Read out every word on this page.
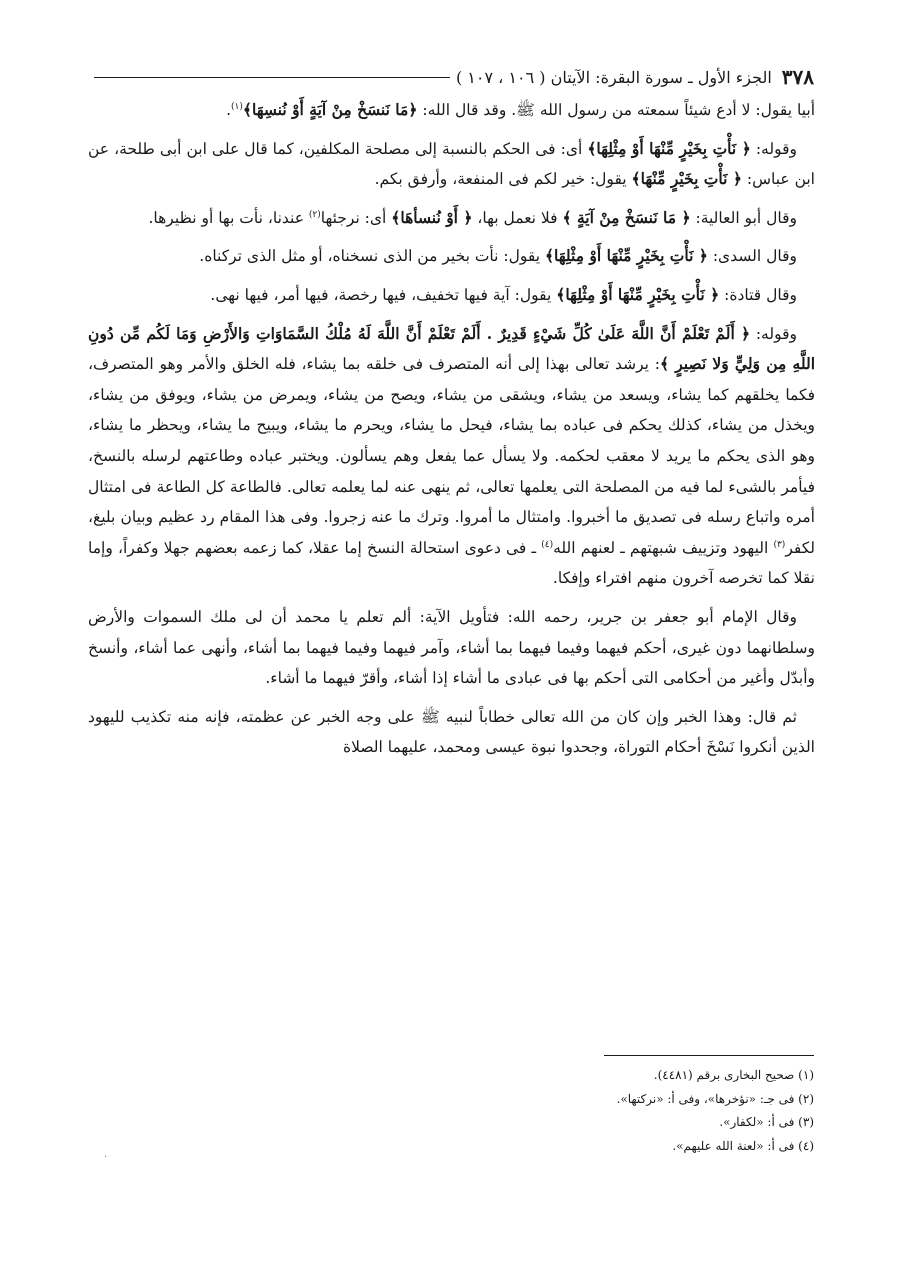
٣٧٨
الجزء الأول ـ سورة البقرة: الآيتان ( ١٠٦ ، ١٠٧ )

أبيا يقول: لا أدع شيئاً سمعته من رسول الله ﷺ. وقد قال الله: ﴿مَا نَنسَخْ مِنْ آيَةٍ أَوْ نُنسِهَا﴾$^{(١)}$.

وقوله: ﴿ نَأْتِ بِخَيْرٍ مِّنْهَا أَوْ مِثْلِهَا﴾ أى: فى الحكم بالنسبة إلى مصلحة المكلفين، كما قال على ابن أبى طلحة، عن ابن عباس: ﴿ نَأْتِ بِخَيْرٍ مِّنْهَا﴾ يقول: خير لكم فى المنفعة، وأرفق بكم.

وقال أبو العالية: ﴿ مَا نَنسَخْ مِنْ آيَةٍ ﴾ فلا نعمل بها، ﴿ أَوْ نُنسأهَا﴾ أى: نرجئها$^{(٢)}$ عندنا، نأت بها أو نظيرها.

وقال السدى: ﴿ نَأْتِ بِخَيْرٍ مِّنْهَا أَوْ مِثْلِهَا﴾ يقول: نأت بخير من الذى نسخناه، أو مثل الذى تركناه.

وقال قتادة: ﴿ نَأْتِ بِخَيْرٍ مِّنْهَا أَوْ مِثْلِهَا﴾ يقول: آية فيها تخفيف، فيها رخصة، فيها أمر، فيها نهى.

وقوله: ﴿ أَلَمْ تَعْلَمْ أَنَّ اللَّهَ عَلَىٰ كُلِّ شَيْءٍ قَدِيرٌ . أَلَمْ تَعْلَمْ أَنَّ اللَّهَ لَهُ مُلْكُ السَّمَاوَاتِ وَالأَرْضِ وَمَا لَكُم مِّن دُونِ اللَّهِ مِن وَلِيٍّ وَلا نَصِيرٍ ﴾: يرشد تعالى بهذا إلى أنه المتصرف فى خلقه بما يشاء، فله الخلق والأمر وهو المتصرف، فكما يخلقهم كما يشاء، ويسعد من يشاء، ويشقى من يشاء، ويصح من يشاء، ويمرض من يشاء، ويوفق من يشاء، ويخذل من يشاء، كذلك يحكم فى عباده بما يشاء، فيحل ما يشاء، ويحرم ما يشاء، ويبيح ما يشاء، ويحظر ما يشاء، وهو الذى يحكم ما يريد لا معقب لحكمه. ولا يسأل عما يفعل وهم يسألون. ويختبر عباده وطاعتهم لرسله بالنسخ، فيأمر بالشىء لما فيه من المصلحة التى يعلمها تعالى، ثم ينهى عنه لما يعلمه تعالى. فالطاعة كل الطاعة فى امتثال أمره واتباع رسله فى تصديق ما أخبروا. وامتثال ما أمروا. وترك ما عنه زجروا. وفى هذا المقام رد عظيم وبيان بليغ، لكفر$^{(٣)}$ اليهود وتزييف شبهتهم ـ لعنهم الله$^{(٤)}$ ـ فى دعوى استحالة النسخ إما عقلا، كما زعمه بعضهم جهلا وكفراً، وإما نقلا كما تخرصه آخرون منهم افتراء وإفكا.

وقال الإمام أبو جعفر بن جرير، رحمه الله: فتأويل الآية: ألم تعلم يا محمد أن لى ملك السموات والأرض وسلطانهما دون غيرى، أحكم فيهما وفيما فيهما بما أشاء، وآمر فيهما وفيما فيهما بما أشاء، وأنهى عما أشاء، وأنسخ وأبدّل وأغير من أحكامى التى أحكم بها فى عبادى ما أشاء إذا أشاء، وأقرّ فيهما ما أشاء.

ثم قال: وهذا الخبر وإن كان من الله تعالى خطاباً لنبيه ﷺ على وجه الخبر عن عظمته، فإنه منه تكذيب لليهود الذين أنكروا نَسْخَ أحكام التوراة، وجحدوا نبوة عيسى ومحمد، عليهما الصلاة

(١) صحيح البخارى برقم (٤٤٨١).

(٢) فى جـ: «نؤخرها»، وفى أ: «نركتها».

(٣) فى أ: «لكفار».

(٤) فى أ: «لعنة الله عليهم».

.
